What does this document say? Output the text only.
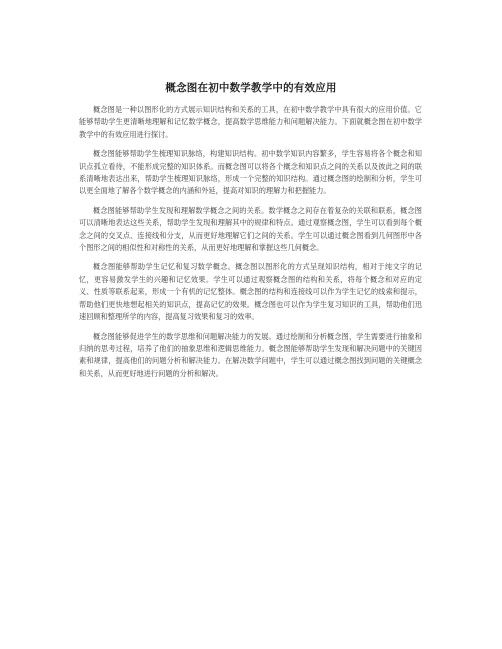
概念图在初中数学教学中的有效应用

概念图是一种以图形化的方式展示知识结构和关系的工具，在初中数学教学中具有很大的应用价值。它能够帮助学生更清晰地理解和记忆数学概念，提高数学思维能力和问题解决能力。下面就概念图在初中数学教学中的有效应用进行探讨。

概念图能够帮助学生梳理知识脉络，构建知识结构。初中数学知识内容繁多，学生容易将各个概念和知识点孤立看待，不能形成完整的知识体系。而概念图可以将各个概念和知识点之间的关系以及彼此之间的联系清晰地表达出来，帮助学生梳理知识脉络，形成一个完整的知识结构。通过概念图的绘制和分析，学生可以更全面地了解各个数学概念的内涵和外延，提高对知识的理解力和把握能力。

概念图能够帮助学生发现和理解数学概念之间的关系。数学概念之间存在着复杂的关联和联系，概念图可以清晰地表达这些关系，帮助学生发现和理解其中的规律和特点。通过观察概念图，学生可以看到每个概念之间的交叉点、连接线和分支，从而更好地理解它们之间的关系。学生可以通过概念图看到几何图形中各个图形之间的相似性和对称性的关系，从而更好地理解和掌握这些几何概念。

概念图能够帮助学生记忆和复习数学概念。概念图以图形化的方式呈现知识结构，相对于纯文字的记忆，更容易激发学生的兴趣和记忆效果。学生可以通过观察概念图的结构和关系，将每个概念和对应的定义、性质等联系起来，形成一个有机的记忆整体。概念图的结构和连接线可以作为学生记忆的线索和提示，帮助他们更快地想起相关的知识点，提高记忆的效果。概念图也可以作为学生复习知识的工具，帮助他们迅速回顾和整理所学的内容，提高复习效果和复习的效率。

概念图能够促进学生的数学思维和问题解决能力的发展。通过绘制和分析概念图，学生需要进行抽象和归纳的思考过程，培养了他们的抽象思维和逻辑思维能力。概念图能够帮助学生发现和解决问题中的关键因素和规律，提高他们的问题分析和解决能力。在解决数学问题中，学生可以通过概念图找到问题的关键概念和关系，从而更好地进行问题的分析和解决。
